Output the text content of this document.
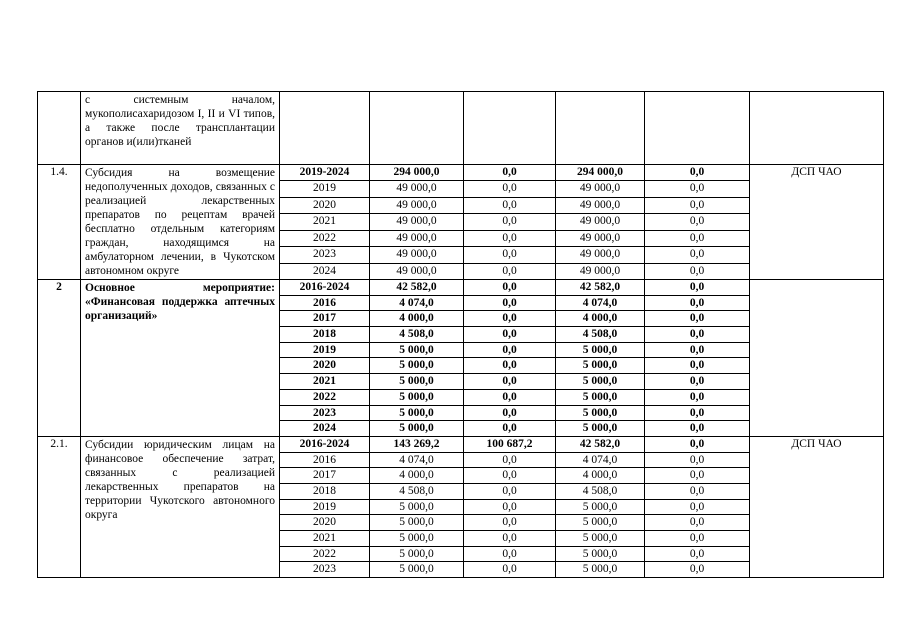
	с системным началом, мукополисахаридозом I, II и VI типов, а также после трансплантации органов и(или)тканей						
1.4.	Субсидия на возмещение недополученных доходов, связанных с реализацией лекарственных препаратов по рецептам врачей бесплатно отдельным категориям граждан, находящимся на амбулаторном лечении, в Чукотском автономном округе	2019-2024	294 000,0	0,0	294 000,0	0,0	ДСП ЧАО
		2019	49 000,0	0,0	49 000,0	0,0	
		2020	49 000,0	0,0	49 000,0	0,0	
		2021	49 000,0	0,0	49 000,0	0,0	
		2022	49 000,0	0,0	49 000,0	0,0	
		2023	49 000,0	0,0	49 000,0	0,0	
		2024	49 000,0	0,0	49 000,0	0,0	
2	Основное мероприятие: «Финансовая поддержка аптечных организаций»	2016-2024	42 582,0	0,0	42 582,0	0,0	
		2016	4 074,0	0,0	4 074,0	0,0	
		2017	4 000,0	0,0	4 000,0	0,0	
		2018	4 508,0	0,0	4 508,0	0,0	
		2019	5 000,0	0,0	5 000,0	0,0	
		2020	5 000,0	0,0	5 000,0	0,0	
		2021	5 000,0	0,0	5 000,0	0,0	
		2022	5 000,0	0,0	5 000,0	0,0	
		2023	5 000,0	0,0	5 000,0	0,0	
		2024	5 000,0	0,0	5 000,0	0,0	
2.1.	Субсидии юридическим лицам на финансовое обеспечение затрат, связанных с реализацией лекарственных препаратов на территории Чукотского автономного округа	2016-2024	143 269,2	100 687,2	42 582,0	0,0	ДСП ЧАО
		2016	4 074,0	0,0	4 074,0	0,0	
		2017	4 000,0	0,0	4 000,0	0,0	
		2018	4 508,0	0,0	4 508,0	0,0	
		2019	5 000,0	0,0	5 000,0	0,0	
		2020	5 000,0	0,0	5 000,0	0,0	
		2021	5 000,0	0,0	5 000,0	0,0	
		2022	5 000,0	0,0	5 000,0	0,0	
		2023	5 000,0	0,0	5 000,0	0,0	
